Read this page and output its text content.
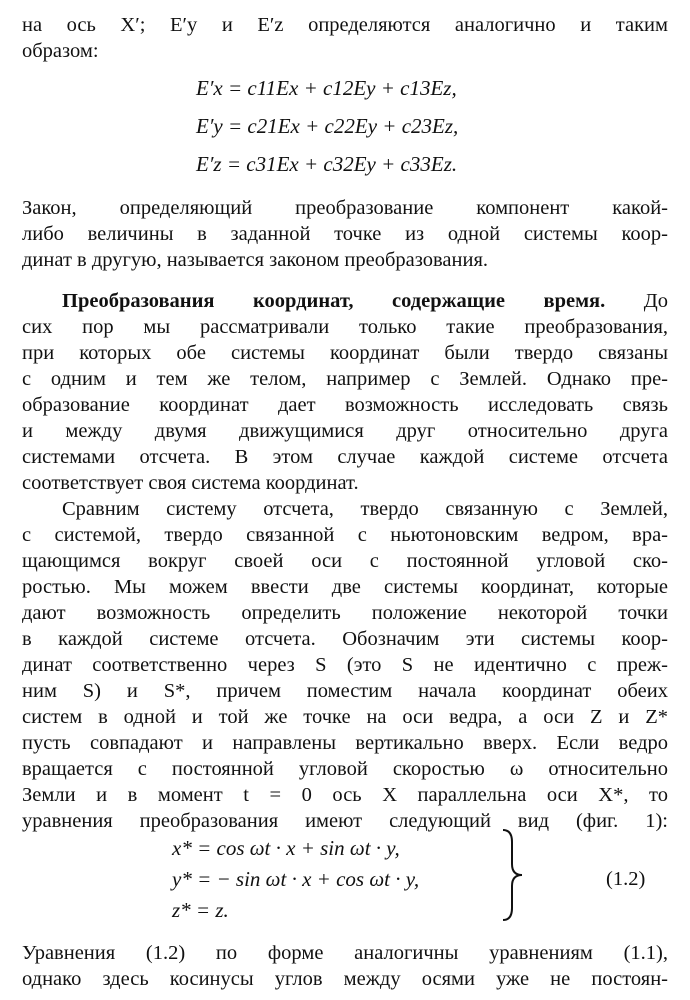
на ось X′; E′y и E′z определяются аналогично и таким
образом:
E′x = c11Ex + c12Ey + c13Ez,
E′y = c21Ex + c22Ey + c23Ez,
E′z = c31Ex + c32Ey + c33Ez.
Закон, определяющий преобразование компонент какой-
либо величины в заданной точке из одной системы коор-
динат в другую, называется законом преобразования.
Преобразования координат, содержащие время. До
сих пор мы рассматривали только такие преобразования,
при которых обе системы координат были твердо связаны
с одним и тем же телом, например с Землей. Однако пре-
образование координат дает возможность исследовать связь
и между двумя движущимися друг относительно друга
системами отсчета. В этом случае каждой системе отсчета
соответствует своя система координат.
Сравним систему отсчета, твердо связанную с Землей,
с системой, твердо связанной с ньютоновским ведром, вра-
щающимся вокруг своей оси с постоянной угловой ско-
ростью. Мы можем ввести две системы координат, которые
дают возможность определить положение некоторой точки
в каждой системе отсчета. Обозначим эти системы коор-
динат соответственно через S (это S не идентично с преж-
ним S) и S*, причем поместим начала координат обеих
систем в одной и той же точке на оси ведра, а оси Z и Z*
пусть совпадают и направлены вертикально вверх. Если ведро
вращается с постоянной угловой скоростью ω относительно
Земли и в момент t = 0 ось X параллельна оси X*, то
уравнения преобразования имеют следующий вид (фиг. 1):
x* = cos ωt · x + sin ωt · y,
y* = − sin ωt · x + cos ωt · y,
z* = z.
(1.2)
Уравнения (1.2) по форме аналогичны уравнениям (1.1),
однако здесь косинусы углов между осями уже не постоян-
